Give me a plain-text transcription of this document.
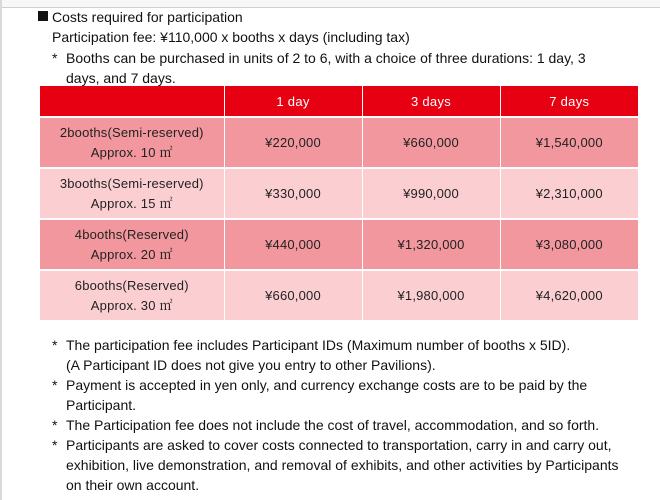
Costs required for participation
Participation fee: ¥110,000 x booths x days (including tax)
* Booths can be purchased in units of 2 to 6, with a choice of three durations: 1 day, 3 days, and 7 days.
	1 day	3 days	7 days
2booths(Semi-reserved)
Approx. 10 ㎡	¥220,000	¥660,000	¥1,540,000
3booths(Semi-reserved)
Approx. 15 ㎡	¥330,000	¥990,000	¥2,310,000
4booths(Reserved)
Approx. 20 ㎡	¥440,000	¥1,320,000	¥3,080,000
6booths(Reserved)
Approx. 30 ㎡	¥660,000	¥1,980,000	¥4,620,000
* The participation fee includes Participant IDs (Maximum number of booths x 5ID).
(A Participant ID does not give you entry to other Pavilions).
* Payment is accepted in yen only, and currency exchange costs are to be paid by the Participant.
* The Participation fee does not include the cost of travel, accommodation, and so forth.
* Participants are asked to cover costs connected to transportation, carry in and carry out, exhibition, live demonstration, and removal of exhibits, and other activities by Participants on their own account.
